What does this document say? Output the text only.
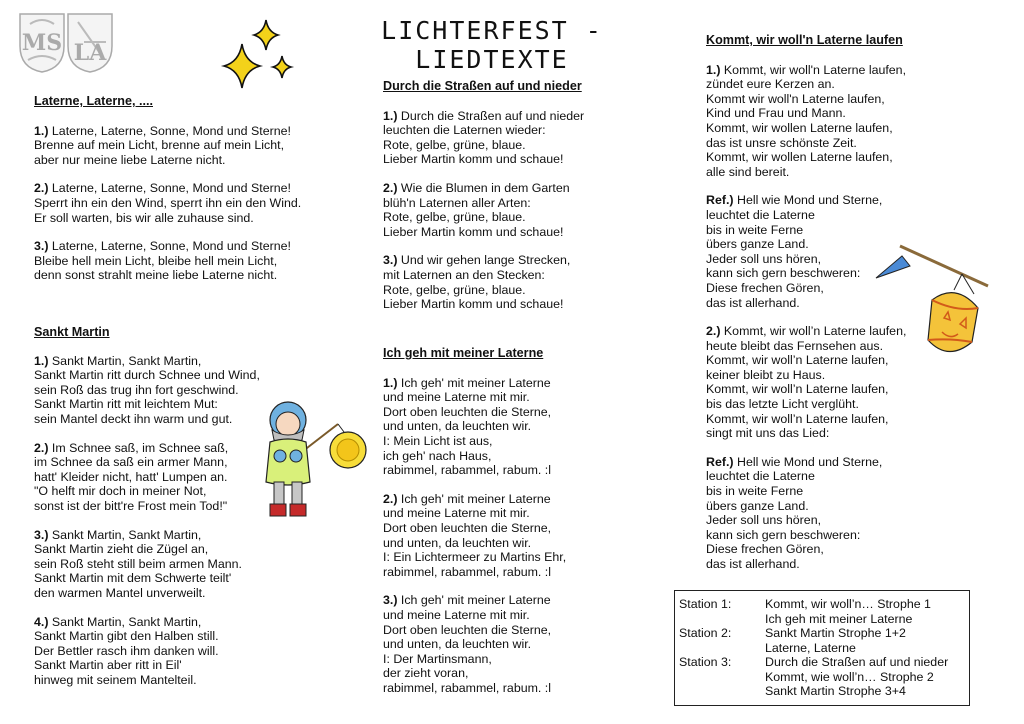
MS LA
LICHTERFEST - LIEDTEXTE
Laterne, Laterne, ....
1.) Laterne, Laterne, Sonne, Mond und Sterne!

Brenne auf mein Licht, brenne auf mein Licht,
aber nur meine liebe Laterne nicht.

2.) Laterne, Laterne, Sonne, Mond und Sterne!

Sperrt ihn ein den Wind, sperrt ihn ein den Wind.
Er soll warten, bis wir alle zuhause sind.

3.) Laterne, Laterne, Sonne, Mond und Sterne!

Bleibe hell mein Licht, bleibe hell mein Licht,
denn sonst strahlt meine liebe Laterne nicht.

Sankt Martin
1.) Sankt Martin, Sankt Martin,

Sankt Martin ritt durch Schnee und Wind,
sein Roß das trug ihn fort geschwind.
Sankt Martin ritt mit leichtem Mut:
sein Mantel deckt ihn warm und gut.

2.) Im Schnee saß, im Schnee saß,

im Schnee da saß ein armer Mann,
hatt' Kleider nicht, hatt' Lumpen an.
"O helft mir doch in meiner Not,
sonst ist der bitt're Frost mein Tod!"

3.) Sankt Martin, Sankt Martin,

Sankt Martin zieht die Zügel an,
sein Roß steht still beim armen Mann.
Sankt Martin mit dem Schwerte teilt'
den warmen Mantel unverweilt.

4.) Sankt Martin, Sankt Martin,

Sankt Martin gibt den Halben still.
Der Bettler rasch ihm danken will.
Sankt Martin aber ritt in Eil'
hinweg mit seinem Mantelteil.

Durch die Straßen auf und nieder
1.) Durch die Straßen auf und nieder

leuchten die Laternen wieder:
Rote, gelbe, grüne, blaue.
Lieber Martin komm und schaue!

2.) Wie die Blumen in dem Garten

blüh'n Laternen aller Arten:
Rote, gelbe, grüne, blaue.
Lieber Martin komm und schaue!

3.) Und wir gehen lange Strecken,

mit Laternen an den Stecken:
Rote, gelbe, grüne, blaue.
Lieber Martin komm und schaue!

Ich geh mit meiner Laterne
1.) Ich geh' mit meiner Laterne

und meine Laterne mit mir.
Dort oben leuchten die Sterne,
und unten, da leuchten wir.
I: Mein Licht ist aus,
ich geh' nach Haus,
rabimmel, rabammel, rabum. :l

2.) Ich geh' mit meiner Laterne

und meine Laterne mit mir.
Dort oben leuchten die Sterne,
und unten, da leuchten wir.
I: Ein Lichtermeer zu Martins Ehr,
rabimmel, rabammel, rabum. :l

3.) Ich geh' mit meiner Laterne

und meine Laterne mit mir.
Dort oben leuchten die Sterne,
und unten, da leuchten wir.
I: Der Martinsmann,
der zieht voran,
rabimmel, rabammel, rabum. :l

Kommt, wir woll'n Laterne laufen
1.) Kommt, wir woll'n Laterne laufen,

zündet eure Kerzen an.
Kommt wir woll'n Laterne laufen,
Kind und Frau und Mann.
Kommt, wir wollen Laterne laufen,
das ist unsre schönste Zeit.
Kommt, wir wollen Laterne laufen,
alle sind bereit.

Ref.) Hell wie Mond und Sterne,

leuchtet die Laterne
bis in weite Ferne
übers ganze Land.
Jeder soll uns hören,
kann sich gern beschweren:
Diese frechen Gören,
das ist allerhand.

2.) Kommt, wir woll’n Laterne laufen,

heute bleibt das Fernsehen aus.
Kommt, wir woll’n Laterne laufen,
keiner bleibt zu Haus.
Kommt, wir woll’n Laterne laufen,
bis das letzte Licht verglüht.
Kommt, wir woll’n Laterne laufen,
singt mit uns das Lied:

Ref.) Hell wie Mond und Sterne,

leuchtet die Laterne
bis in weite Ferne
übers ganze Land.
Jeder soll uns hören,
kann sich gern beschweren:
Diese frechen Gören,
das ist allerhand.

Station 1:	Kommt, wir woll’n… Strophe 1
Ich geh mit meiner Laterne
Station 2:	Sankt Martin Strophe 1+2
Laterne, Laterne
Station 3:	Durch die Straßen auf und nieder
Kommt, wie woll’n… Strophe 2
Sankt Martin Strophe 3+4
